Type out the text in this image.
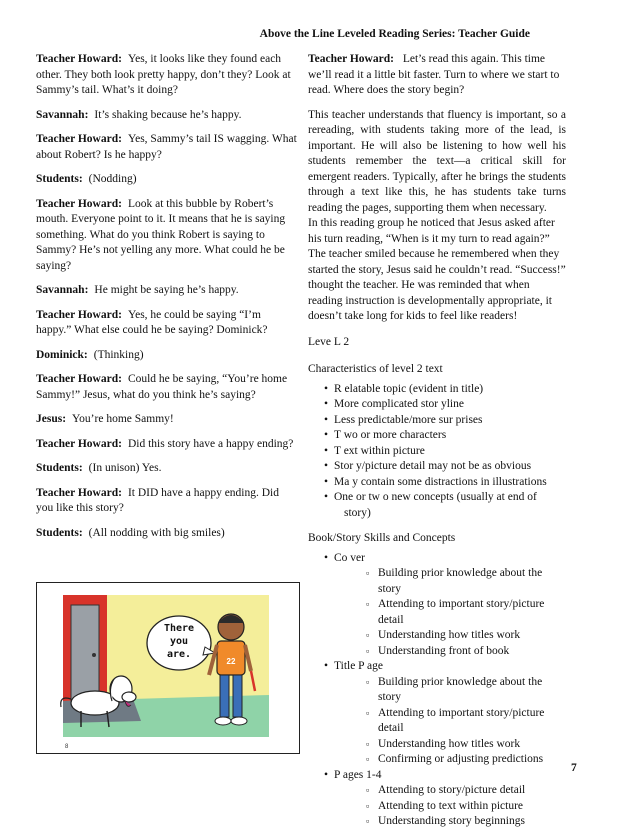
Above the Line Leveled Reading Series: Teacher Guide

Teacher Howard: Yes, it looks like they found each other. They both look pretty happy, don’t they? Look at Sammy’s tail. What’s it doing?

Savannah: It’s shaking because he’s happy.

Teacher Howard: Yes, Sammy’s tail IS wagging. What about Robert? Is he happy?

Students: (Nodding)

Teacher Howard: Look at this bubble by Robert’s mouth. Everyone point to it. It means that he is saying something. What do you think Robert is saying to Sammy? He’s not yelling any more. What could he be saying?

Savannah: He might be saying he’s happy.

Teacher Howard: Yes, he could be saying “I’m happy.” What else could he be saying? Dominick?

Dominick: (Thinking)

Teacher Howard: Could he be saying, “You’re home Sammy!” Jesus, what do you think he’s saying?

Jesus: You’re home Sammy!

Teacher Howard: Did this story have a happy ending?

Students: (In unison) Yes.

Teacher Howard: It DID have a happy ending. Did you like this story?

Students: (All nodding with big smiles)

Teacher Howard: Let’s read this again. This time we’ll read it a little bit faster. Turn to where we start to read. Where does the story begin?

This teacher understands that fluency is important, so a rereading, with students taking more of the lead, is important. He will also be listening to how well his students remember the text—a critical skill for emergent readers. Typically, after he brings the students through a text like this, he has students take turns reading the pages, supporting them when necessary.

In this reading group he noticed that Jesus asked after his turn reading, “When is it my turn to read again?” The teacher smiled because he remembered when they started the story, Jesus said he couldn’t read. “Success!” thought the teacher. He was reminded that when reading instruction is developmentally appropriate, it doesn’t take long for kids to feel like readers!

Leve L 2

Characteristics of level 2 text

• R elatable topic (evident in title)
• More complicated stor yline
• Less predictable/more sur prises
• T wo or more characters
• T ext within picture
• Stor y/picture detail may not be as obvious
• Ma y contain some distractions in illustrations
• One or tw o new concepts (usually at end of
story)

Book/Story Skills and Concepts

• Co ver
▫ Building prior knowledge about the story
▫ Attending to important story/picture detail
▫ Understanding how titles work
▫ Understanding front of book
• Title P age
▫ Building prior knowledge about the story
▫ Attending to important story/picture detail
▫ Understanding how titles work
▫ Confirming or adjusting predictions
• P ages 1-4
▫ Attending to story/picture detail
▫ Attending to text within picture
▫ Understanding story beginnings
There
you
are.
22
8
7
